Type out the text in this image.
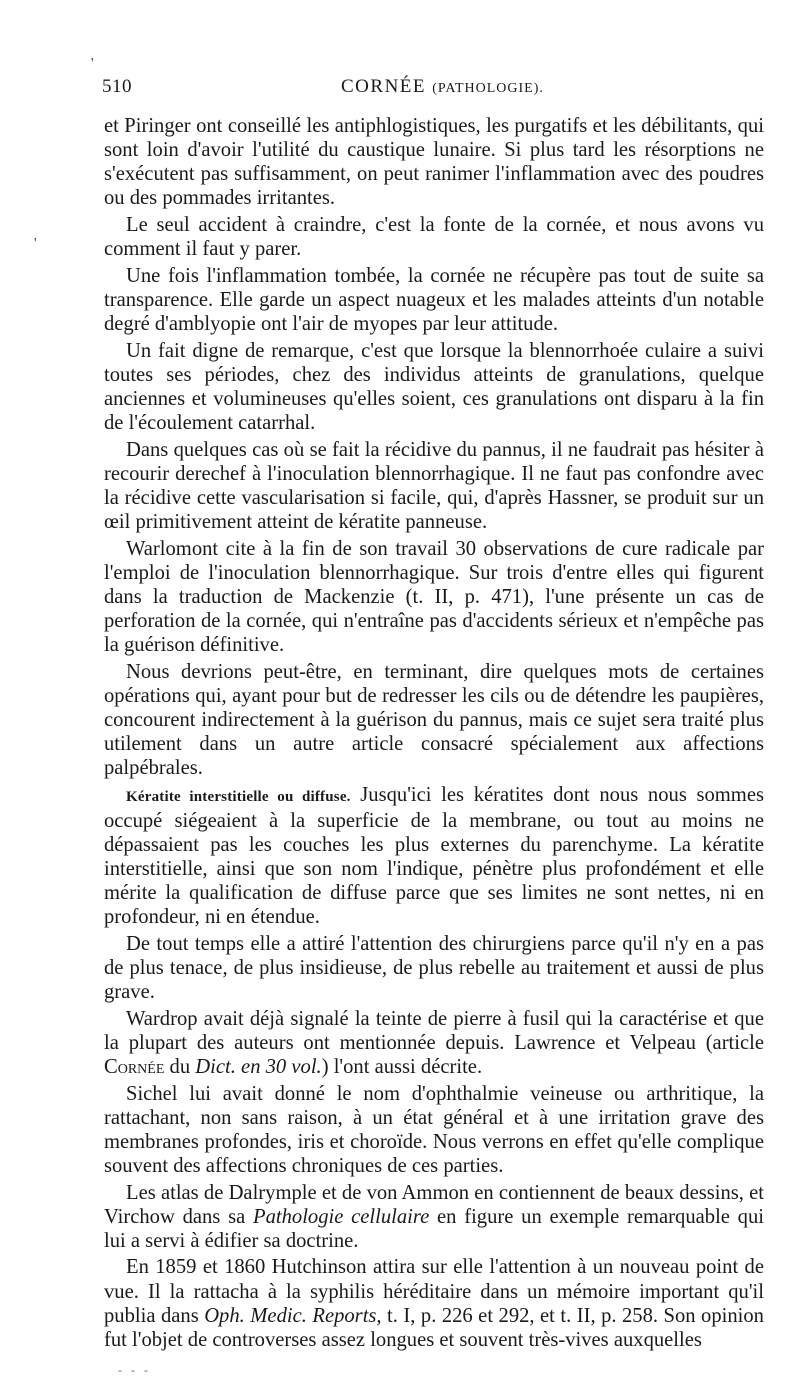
510	CORNÉE (PATHOLOGIE).

et Piringer ont conseillé les antiphlogistiques, les purgatifs et les débilitants, qui sont loin d'avoir l'utilité du caustique lunaire. Si plus tard les résorptions ne s'exécutent pas suffisamment, on peut ranimer l'inflammation avec des poudres ou des pommades irritantes.

Le seul accident à craindre, c'est la fonte de la cornée, et nous avons vu comment il faut y parer.

Une fois l'inflammation tombée, la cornée ne récupère pas tout de suite sa transparence. Elle garde un aspect nuageux et les malades atteints d'un notable degré d'amblyopie ont l'air de myopes par leur attitude.

Un fait digne de remarque, c'est que lorsque la blennorrhoée culaire a suivi toutes ses périodes, chez des individus atteints de granulations, quelque anciennes et volumineuses qu'elles soient, ces granulations ont disparu à la fin de l'écoulement catarrhal.

Dans quelques cas où se fait la récidive du pannus, il ne faudrait pas hésiter à recourir derechef à l'inoculation blennorrhagique. Il ne faut pas confondre avec la récidive cette vascularisation si facile, qui, d'après Hassner, se produit sur un œil primitivement atteint de kératite panneuse.

Warlomont cite à la fin de son travail 30 observations de cure radicale par l'emploi de l'inoculation blennorrhagique. Sur trois d'entre elles qui figurent dans la traduction de Mackenzie (t. II, p. 471), l'une présente un cas de perforation de la cornée, qui n'entraîne pas d'accidents sérieux et n'empêche pas la guérison définitive.

Nous devrions peut-être, en terminant, dire quelques mots de certaines opérations qui, ayant pour but de redresser les cils ou de détendre les paupières, concourent indirectement à la guérison du pannus, mais ce sujet sera traité plus utilement dans un autre article consacré spécialement aux affections palpébrales.

Kératite interstitielle ou diffuse. Jusqu'ici les kératites dont nous nous sommes occupé siégeaient à la superficie de la membrane, ou tout au moins ne dépassaient pas les couches les plus externes du parenchyme. La kératite interstitielle, ainsi que son nom l'indique, pénètre plus profondément et elle mérite la qualification de diffuse parce que ses limites ne sont nettes, ni en profondeur, ni en étendue.

De tout temps elle a attiré l'attention des chirurgiens parce qu'il n'y en a pas de plus tenace, de plus insidieuse, de plus rebelle au traitement et aussi de plus grave.

Wardrop avait déjà signalé la teinte de pierre à fusil qui la caractérise et que la plupart des auteurs ont mentionnée depuis. Lawrence et Velpeau (article Cornée du Dict. en 30 vol.) l'ont aussi décrite.

Sichel lui avait donné le nom d'ophthalmie veineuse ou arthritique, la rattachant, non sans raison, à un état général et à une irritation grave des membranes profondes, iris et choroïde. Nous verrons en effet qu'elle complique souvent des affections chroniques de ces parties.

Les atlas de Dalrymple et de von Ammon en contiennent de beaux dessins, et Virchow dans sa Pathologie cellulaire en figure un exemple remarquable qui lui a servi à édifier sa doctrine.

En 1859 et 1860 Hutchinson attira sur elle l'attention à un nouveau point de vue. Il la rattacha à la syphilis héréditaire dans un mémoire important qu'il publia dans Oph. Medic. Reports, t. I, p. 226 et 292, et t. II, p. 258. Son opinion fut l'objet de controverses assez longues et souvent très-vives auxquelles

'
'
- - -
